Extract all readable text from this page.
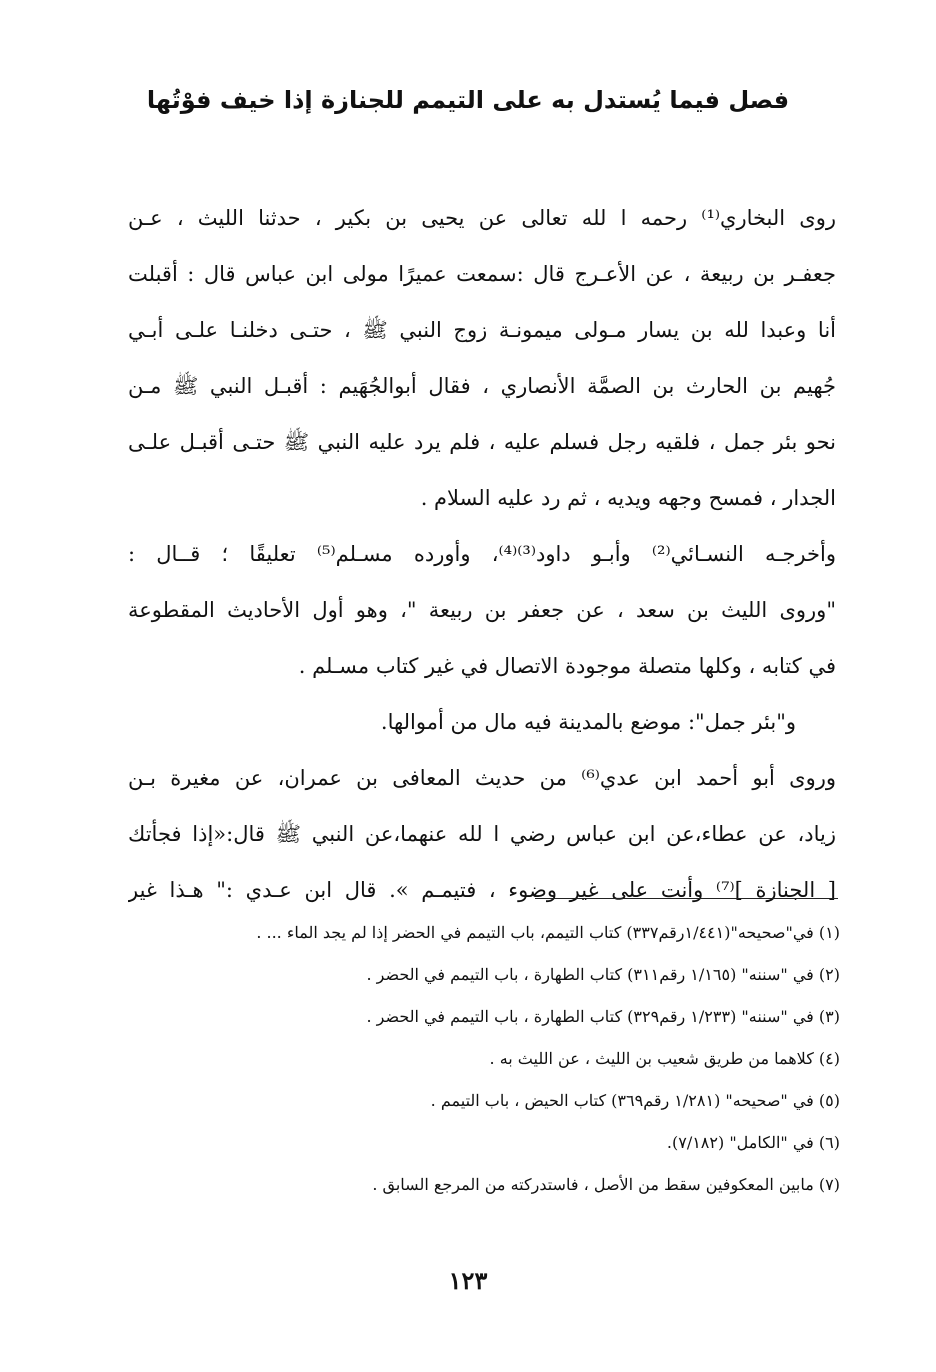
فصل فيما يُستدل به على التيمم للجنازة إذا خيف فوْتُها
روى البخاري⁽¹⁾ رحمه ا لله تعالى عن يحيى بن بكير ، حدثنا الليث ، عـن
جعفـر بن ربيعة ، عن الأعـرج قال :سمعت عميرًا مولى ابن عباس قال : أقبلت
أنا وعبدا لله بن يسار مـولى ميمونـة زوج النبي ﷺ ، حتـى دخلنـا علـى أبـي
جُهيم بن الحارث بن الصمَّة الأنصاري ، فقال أبوالجُهَيم : أقبـل النبي ﷺ مـن
نحو بئر جمل ، فلقيه رجل فسلم عليه ، فلم يرد عليه النبي ﷺ حتـى أقبـل علـى
الجدار ، فمسح وجهه ويديه ، ثم رد عليه السلام .
وأخرجـه النسـائي⁽²⁾ وأبـو داود⁽³⁾⁽⁴⁾، وأورده مسـلم⁽⁵⁾ تعليقًا ؛ قــال :
"وروى الليث بن سعد ، عن جعفر بن ربيعة "، وهو أول الأحاديث المقطوعة
في كتابه ، وكلها متصلة موجودة الاتصال في غير كتاب مسـلم .
و"بئر جمل": موضع بالمدينة فيه مال من أموالها.
وروى أبو أحمد ابن عدي⁽⁶⁾ من حديث المعافى بن عمران، عن مغيرة بـن
زياد، عن عطاء،عن ابن عباس رضي ا لله عنهما،عن النبي ﷺ قال:«إذا فجأتك
[ الجنازة ]⁽⁷⁾ وأنت على غير وضوء ، فتيمـم ». قال ابن عـدي :" هـذا غير
(١) في"صحيحه"(١/٤٤١رقم٣٣٧) كتاب التيمم، باب التيمم في الحضر إذا لم يجد الماء ... .
(٢) في "سننه" (١/١٦٥ رقم٣١١) كتاب الطهارة ، باب التيمم في الحضر .
(٣) في "سننه" (١/٢٣٣ رقم٣٢٩) كتاب الطهارة ، باب التيمم في الحضر .
(٤) كلاهما من طريق شعيب بن الليث ، عن الليث به .
(٥) في "صحيحه" (١/٢٨١ رقم٣٦٩) كتاب الحيض ، باب التيمم .
(٦) في "الكامل" (٧/١٨٢).
(٧) مابين المعكوفين سقط من الأصل ، فاستدركته من المرجع السابق .
١٢٣
